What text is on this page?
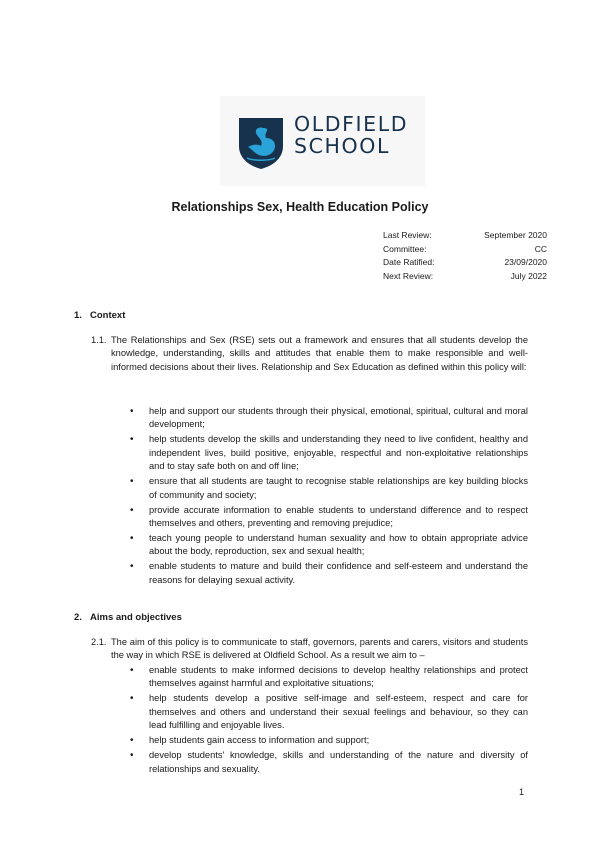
OLDFIELD
SCHOOL
Relationships Sex, Health Education Policy
Last Review:	September 2020
Committee:	CC
Date Ratified:	23/09/2020
Next Review:	July 2022
1. Context
1.1. The Relationships and Sex (RSE) sets out a framework and ensures that all students develop the knowledge, understanding, skills and attitudes that enable them to make responsible and well-informed decisions about their lives. Relationship and Sex Education as defined within this policy will:
• help and support our students through their physical, emotional, spiritual, cultural and moral development;
• help students develop the skills and understanding they need to live confident, healthy and independent lives, build positive, enjoyable, respectful and non-exploitative relationships and to stay safe both on and off line;
• ensure that all students are taught to recognise stable relationships are key building blocks of community and society;
• provide accurate information to enable students to understand difference and to respect themselves and others, preventing and removing prejudice;
• teach young people to understand human sexuality and how to obtain appropriate advice about the body, reproduction, sex and sexual health;
• enable students to mature and build their confidence and self-esteem and understand the reasons for delaying sexual activity.
2. Aims and objectives
2.1. The aim of this policy is to communicate to staff, governors, parents and carers, visitors and students the way in which RSE is delivered at Oldfield School. As a result we aim to –
• enable students to make informed decisions to develop healthy relationships and protect themselves against harmful and exploitative situations;
• help students develop a positive self-image and self-esteem, respect and care for themselves and others and understand their sexual feelings and behaviour, so they can lead fulfilling and enjoyable lives.
• help students gain access to information and support;
• develop students' knowledge, skills and understanding of the nature and diversity of relationships and sexuality.
1
